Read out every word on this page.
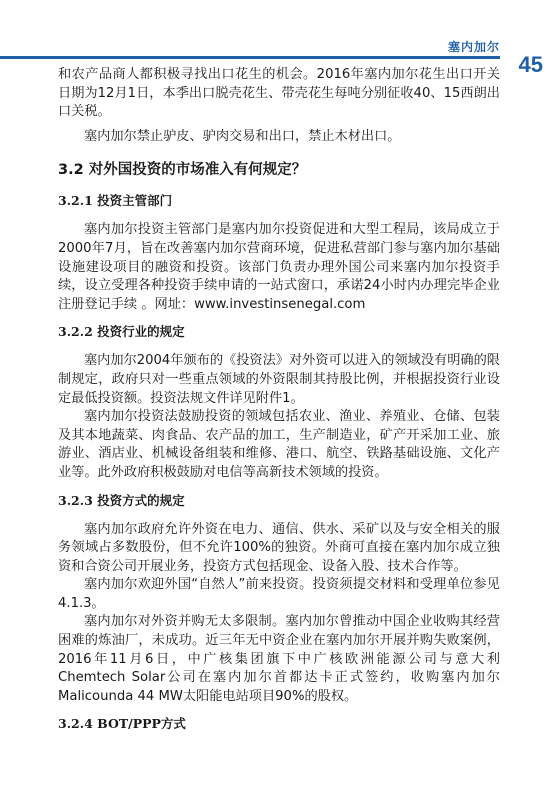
塞内加尔
45

和农产品商人都积极寻找出口花生的机会。2016年塞内加尔花生出口开关日期为12月1日，本季出口脱壳花生、带壳花生每吨分别征收40、15西朗出口关税。

塞内加尔禁止驴皮、驴肉交易和出口，禁止木材出口。

3.2 对外国投资的市场准入有何规定？
3.2.1 投资主管部门

塞内加尔投资主管部门是塞内加尔投资促进和大型工程局，该局成立于2000年7月，旨在改善塞内加尔营商环境，促进私营部门参与塞内加尔基础设施建设项目的融资和投资。该部门负责办理外国公司来塞内加尔投资手续，设立受理各种投资手续申请的一站式窗口，承诺24小时内办理完毕企业注册登记手续 。网址：www.investinsenegal.com

3.2.2 投资行业的规定

塞内加尔2004年颁布的《投资法》对外资可以进入的领域没有明确的限制规定，政府只对一些重点领域的外资限制其持股比例，并根据投资行业设定最低投资额。投资法规文件详见附件1。

塞内加尔投资法鼓励投资的领域包括农业、渔业、养殖业、仓储、包装及其本地蔬菜、肉食品、农产品的加工，生产制造业，矿产开采加工业、旅游业、酒店业、机械设备组装和维修、港口、航空、铁路基础设施、文化产业等。此外政府积极鼓励对电信等高新技术领域的投资。

3.2.3 投资方式的规定

塞内加尔政府允许外资在电力、通信、供水、采矿以及与安全相关的服务领域占多数股份，但不允许100%的独资。外商可直接在塞内加尔成立独资和合资公司开展业务，投资方式包括现金、设备入股、技术合作等。

塞内加尔欢迎外国“自然人”前来投资。投资须提交材料和受理单位参见4.1.3。

塞内加尔对外资并购无太多限制。塞内加尔曾推动中国企业收购其经营困难的炼油厂，未成功。近三年无中资企业在塞内加尔开展并购失败案例，2016年11月6日，中广核集团旗下中广核欧洲能源公司与意大利Chemtech Solar公司在塞内加尔首都达卡正式签约，收购塞内加尔Malicounda 44 MW太阳能电站项目90%的股权。

3.2.4 BOT/PPP方式
